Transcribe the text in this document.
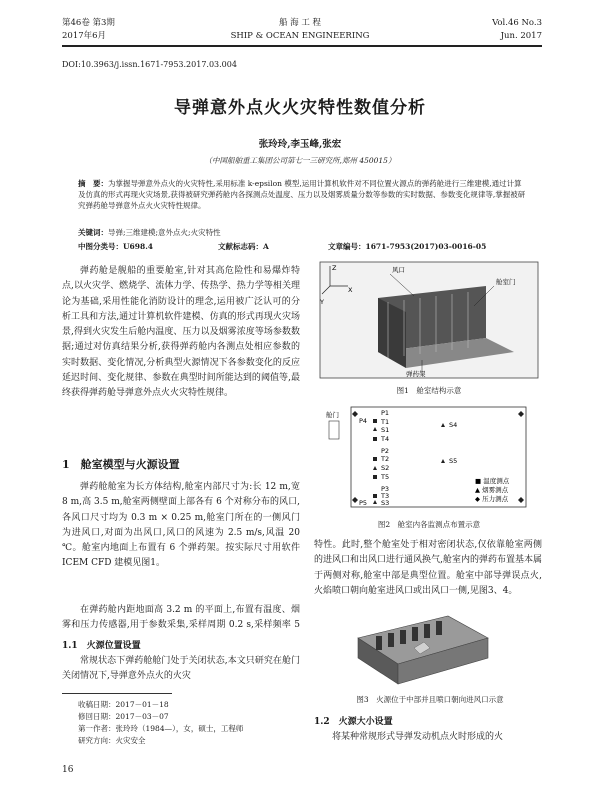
第46卷 第3期
2017年6月
船 海 工 程
SHIP & OCEAN ENGINEERING
Vol.46 No.3
Jun. 2017
DOI:10.3963/j.issn.1671-7953.2017.03.004
导弹意外点火火灾特性数值分析
张玲玲,李玉峰,张宏
（中国船舶重工集团公司第七一三研究所,郑州 450015）
摘　要：为掌握导弹意外点火的火灾特性,采用标准 k-epsilon 模型,运用计算机软件对不同位置火源点的弹药舱进行三维建模,通过计算及仿真的形式再现火灾场景,获得被研究弹药舱内各探测点处温度、压力以及烟雾质量分数等参数的实时数据、参数变化规律等,掌握被研究弹药舱导弹意外点火火灾特性规律。
关键词：导弹;三维建模;意外点火;火灾特性
中图分类号：U698.4	文献标志码：A	文章编号：1671-7953(2017)03-0016-05

弹药舱是舰船的重要舱室,针对其高危险性和易爆炸特点,以火灾学、燃烧学、流体力学、传热学、热力学等相关理论为基础,采用性能化消防设计的理念,运用被广泛认可的分析工具和方法,通过计算机软件建模、仿真的形式再现火灾场景,得到火灾发生后舱内温度、压力以及烟雾浓度等场参数数据;通过对仿真结果分析,获得弹药舱内各测点处相应参数的实时数据、变化情况,分析典型火源情况下各参数变化的反应延迟时间、变化规律、参数在典型时间所能达到的阈值等,最终获得弹药舱导弹意外点火火灾特性规律。

1　舱室模型与火源设置

弹药舱舱室为长方体结构,舱室内部尺寸为:长 12 m,宽 8 m,高 3.5 m,舱室两侧壁面上部各有 6 个对称分布的风口,各风口尺寸均为 0.3 m × 0.25 m,舱室门所在的一侧风门为进风口,对面为出风口,风口的风速为 2.5 m/s,风温 20 ℃。舱室内地面上布置有 6 个弹药架。按实际尺寸用软件 ICEM CFD 建模见图1。

在弹药舱内距地面高 3.2 m 的平面上,布置有温度、烟雾和压力传感器,用于参数采集,采样周期 0.2 s,采样频率 5

1.1　火源位置设置

常规状态下弹药舱舱门处于关闭状态,本文只研究在舱门关闭情况下,导弹意外点火的火灾

收稿日期：2017－01－18
修回日期：2017－03－07
第一作者：张玲玲（1984—），女，硕士，工程师
研究方向：火灾安全
16
Z
X
Y
风口
舱室门
弹药架
图1　舱室结构示意
舱门	P1
T1
S1
T4
P2
T2
S2
T5
P3
T3
S3
S4
S5
P4
P5
■ 温度测点
▲ 烟雾测点
◆ 压力测点
图2　舱室内各监测点布置示意

特性。此时,整个舱室处于相对密闭状态,仅依靠舱室两侧的进风口和出风口进行通风换气,舱室内的弹药布置基本属于两侧对称,舱室中部是典型位置。舱室中部导弹误点火,火焰喷口朝向舱室进风口或出风口一侧,见图3、4。

图3　火源位于中部并且喷口朝向进风口示意
1.2　火源大小设置

将某种常规形式导弹发动机点火时形成的火
